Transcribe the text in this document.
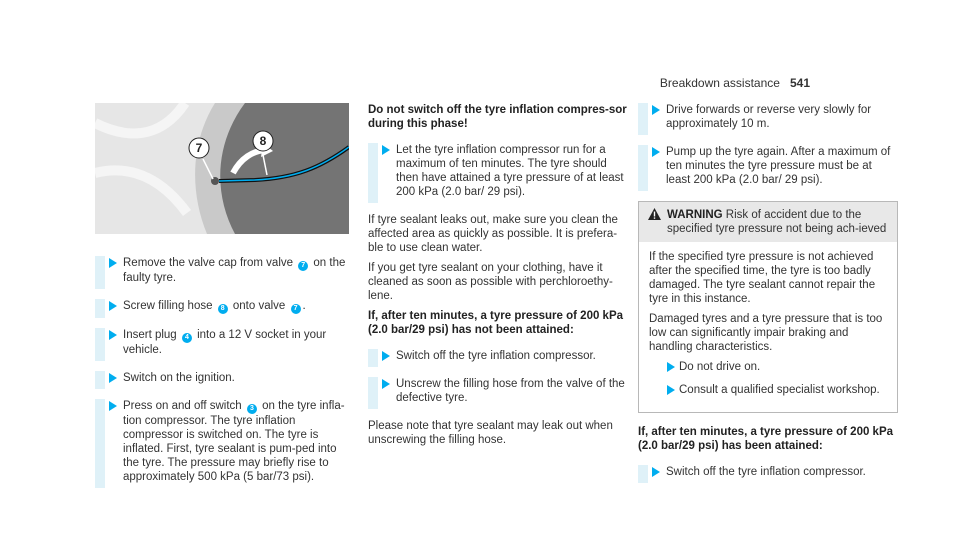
Breakdown assistance 541
7	8
Remove the valve cap from valve 7 on the faulty tyre.
Screw filling hose 8 onto valve 7 .
Insert plug 4 into a 12 V socket in your vehicle.
Switch on the ignition.
Press on and off switch 3 on the tyre infla-tion compressor. The tyre inflation compressor is switched on. The tyre is inflated. First, tyre sealant is pum-ped into the tyre. The pressure may briefly rise to approximately 500 kPa (5 bar/73 psi).

Do not switch off the tyre inflation compres-sor during this phase!

Let the tyre inflation compressor run for a maximum of ten minutes. The tyre should then have attained a tyre pressure of at least 200 kPa (2.0 bar/ 29 psi).

If tyre sealant leaks out, make sure you clean the affected area as quickly as possible. It is prefera-ble to use clean water.

If you get tyre sealant on your clothing, have it cleaned as soon as possible with perchloroethy-lene.

If, after ten minutes, a tyre pressure of 200 kPa (2.0 bar/29 psi) has not been attained:

Switch off the tyre inflation compressor.
Unscrew the filling hose from the valve of the defective tyre.

Please note that tyre sealant may leak out when unscrewing the filling hose.

Drive forwards or reverse very slowly for approximately 10 m.
Pump up the tyre again. After a maximum of ten minutes the tyre pressure must be at least 200 kPa (2.0 bar/ 29 psi).
WARNING Risk of accident due to the specified tyre pressure not being ach-ieved

If the specified tyre pressure is not achieved after the specified time, the tyre is too badly damaged. The tyre sealant cannot repair the tyre in this instance.

Damaged tyres and a tyre pressure that is too low can significantly impair braking and handling characteristics.

Do not drive on.
Consult a qualified specialist workshop.

If, after ten minutes, a tyre pressure of 200 kPa (2.0 bar/29 psi) has been attained:

Switch off the tyre inflation compressor.
